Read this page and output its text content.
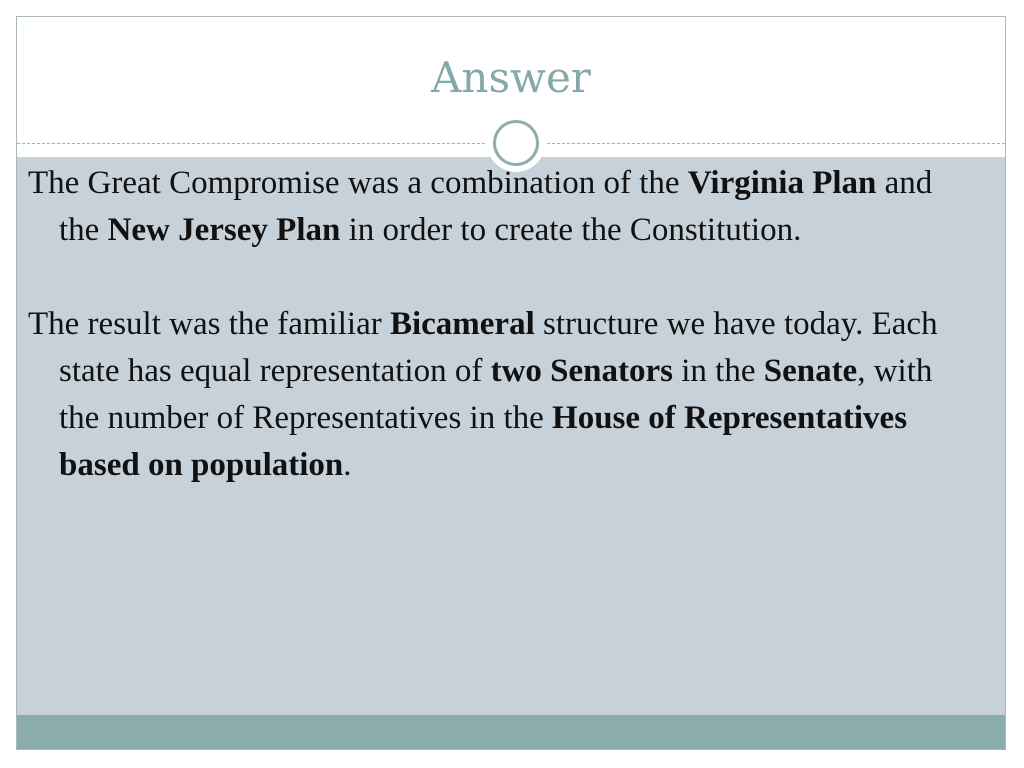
Answer

The Great Compromise was a combination of the Virginia Plan and the New Jersey Plan in order to create the Constitution.

The result was the familiar Bicameral structure we have today. Each state has equal representation of two Senators in the Senate, with the number of Representatives in the House of Representatives based on population.
